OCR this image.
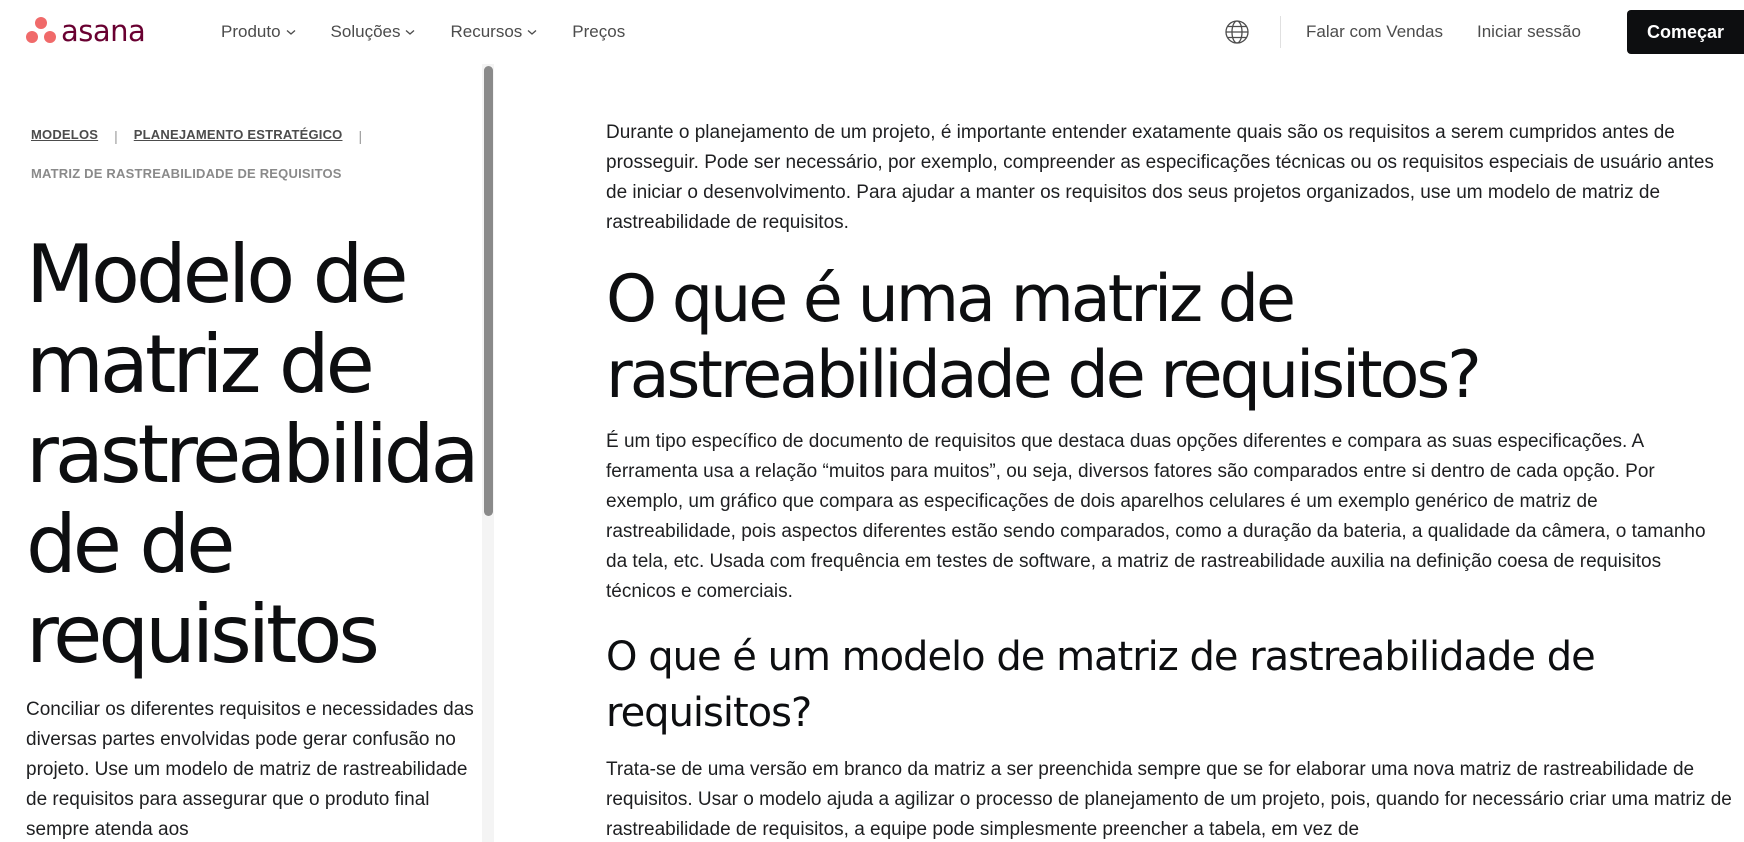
asana	Produto	Soluções	Recursos	Preços	Falar com Vendas Iniciar sessão	Começar
MODELOS | PLANEJAMENTO ESTRATÉGICO |
MATRIZ DE RASTREABILIDADE DE REQUISITOS
Modelo de
matriz de
rastreabilida
de de
requisitos

Conciliar os diferentes requisitos e necessidades das diversas partes envolvidas pode gerar confusão no projeto. Use um modelo de matriz de rastreabilidade de requisitos para assegurar que o produto final sempre atenda aos

Durante o planejamento de um projeto, é importante entender exatamente quais são os requisitos a serem cumpridos antes de prosseguir. Pode ser necessário, por exemplo, compreender as especificações técnicas ou os requisitos especiais de usuário antes de iniciar o desenvolvimento. Para ajudar a manter os requisitos dos seus projetos organizados, use um modelo de matriz de rastreabilidade de requisitos.

O que é uma matriz de
rastreabilidade de requisitos?

É um tipo específico de documento de requisitos que destaca duas opções diferentes e compara as suas especificações. A ferramenta usa a relação “muitos para muitos”, ou seja, diversos fatores são comparados entre si dentro de cada opção. Por exemplo, um gráfico que compara as especificações de dois aparelhos celulares é um exemplo genérico de matriz de rastreabilidade, pois aspectos diferentes estão sendo comparados, como a duração da bateria, a qualidade da câmera, o tamanho da tela, etc. Usada com frequência em testes de software, a matriz de rastreabilidade auxilia na definição coesa de requisitos técnicos e comerciais.

O que é um modelo de matriz de rastreabilidade de
requisitos?

Trata-se de uma versão em branco da matriz a ser preenchida sempre que se for elaborar uma nova matriz de rastreabilidade de requisitos. Usar o modelo ajuda a agilizar o processo de planejamento de um projeto, pois, quando for necessário criar uma matriz de rastreabilidade de requisitos, a equipe pode simplesmente preencher a tabela, em vez de
